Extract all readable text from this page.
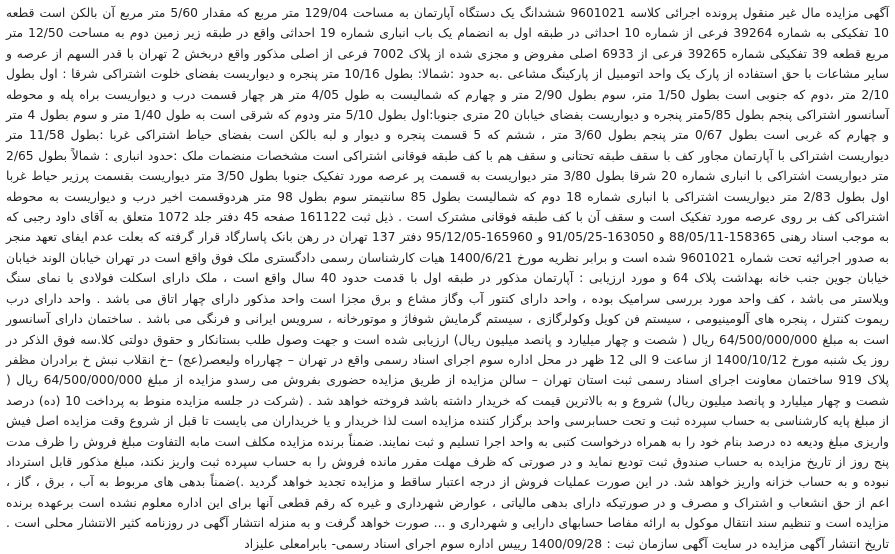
آگهی مزایده مال غیر منقول پرونده اجرائی کلاسه 9601021 ششدانگ یک دستگاه آپارتمان به مساحت 129/04 متر مربع که مقدار 5/60 متر مربع آن بالکن است قطعه 10 تفکیکی به شماره 39264 فرعی از شماره 10 احداثی در طبقه اول به انضمام یک باب انباری شماره 19 احداثی واقع در طبقه زیر زمین دوم به مساحت 12/50 متر مربع قطعه 39 تفکیکی شماره 39265 فرعی از 6933 اصلی مفروض و مجزی شده از پلاک 7002 فرعی از اصلی مذکور واقع دربخش 2 تهران با قدر السهم از عرصه و سایر مشاعات با حق استفاده از پارک یک واحد اتومبیل از پارکینگ مشاعی .به حدود :شمالا: بطول 10/16 متر پنجره و دیواریست بفضای خلوت اشتراکی شرقا : اول بطول 2/10 متر ،دوم که جنوبی است بطول 1/50 متر، سوم بطول 2/90 متر و چهارم که شمالیست به طول 4/05 متر هر چهار قسمت درب و دیواریست براه پله و محوطه آسانسور اشتراکی پنجم بطول 5/85متر پنجره و دیواریست بفضای خیابان 20 متری جنوبا:اول بطول 5/10 متر ودوم که شرقی است به طول 1/40 متر و سوم بطول 4 متر و چهارم که غربی است بطول 0/67 متر پنجم بطول 3/60 متر ، ششم که 5 قسمت پنجره و دیوار و لبه بالکن است بفضای حیاط اشتراکی غربا :بطول 11/58 متر دیواریست اشتراکی با آپارتمان مجاور کف با سقف طبقه تحتانی و سقف هم با کف طبقه فوقانی اشتراکی است مشخصات منضمات ملک :حدود انباری : شمالاً بطول 2/65 متر دیواریست اشتراکی با انباری شماره 20 شرقا بطول 3/80 متر دیواریست به قسمت پر عرصه مورد تفکیک جنوبا بطول 3/50 متر دیواریست بقسمت پرزیر حیاط غربا اول بطول 2/83 متر دیواریست اشتراکی با انباری شماره 18 دوم که شمالیست بطول 85 سانتیمتر سوم بطول 98 متر هردوقسمت اخیر درب و دیواریست به محوطه اشتراکی کف بر روی عرصه مورد تفکیک است و سقف آن با کف طبقه فوقانی مشترک است . ذیل ثبت 161122 صفحه 45 دفتر جلد 1072 متعلق به آقای داود رجبی که به موجب اسناد رهنی 158365-88/05/11 و 163050-91/05/25 و 165960-95/12/05 دفتر 137 تهران در رهن بانک پاسارگاد قرار گرفته که بعلت عدم ایفای تعهد منجر به صدور اجرائیه تحت شماره 9601021 شده است و برابر نظریه مورخ 1400/6/21 هیات کارشناسان رسمی دادگستری ملک فوق واقع است در تهران خیابان الوند خیابان خیابان جوین جنب خانه بهداشت پلاک 64 و مورد ارزیابی : آپارتمان مذکور در طبقه اول با قدمت حدود 40 سال واقع است ، ملک دارای اسکلت فولادی با نمای سنگ ویلاستر می باشد ، کف واحد مورد بررسی سرامیک بوده ، واحد دارای کنتور آب وگاز مشاع و برق مجزا است واحد مذکور دارای چهار اتاق می باشد . واحد دارای درب ریموت کنترل ، پنجره های آلومینیومی ، سیستم فن کویل وکولرگازی ، سیستم گرمایش شوفاژ و موتورخانه ، سرویس ایرانی و فرنگی می باشد . ساختمان دارای آسانسور است به مبلغ 64/500/000/000 ریال ( شصت و چهار میلیارد و پانصد میلیون ریال) ارزیابی شده است و جهت وصول طلب بستانکار و حقوق دولتی کلا.سه فوق الذکر در روز یک شنبه مورخ 1400/10/12 از ساعت 9 الی 12 ظهر در محل اداره سوم اجرای اسناد رسمی واقع در تهران – چهارراه ولیعصر(عج) –خ انقلاب نبش خ برادران مظفر پلاک 919 ساختمان معاونت اجرای اسناد رسمی ثبت استان تهران – سالن مزایده از طریق مزایده حضوری بفروش می رسدو مزایده از مبلغ 64/500/000/000 ریال ( شصت و چهار میلیارد و پانصد میلیون ریال) شروع و به بالاترین قیمت که خریدار داشته باشد فروخته خواهد شد . (شرکت در جلسه مزایده منوط به پرداخت 10 (ده) درصد از مبلغ پایه کارشناسی به حساب سپرده ثبت و تحت حسابرسی واحد برگزار کننده مزایده است لذا خریدار و یا خریداران می بایست تا قبل از شروع وقت مزایده اصل فیش واریزی مبلغ ودیعه ده درصد بنام خود را به همراه درخواست کتبی به واحد اجرا تسلیم و ثبت نمایند. ضمناً برنده مزایده مکلف است مابه التفاوت مبلغ فروش را ظرف مدت پنج روز از تاریخ مزایده به حساب صندوق ثبت تودیع نماید و در صورتی که ظرف مهلت مقرر مانده فروش را به حساب سپرده ثبت واریز نکند، مبلغ مذکور قابل استرداد نبوده و به حساب خزانه واریز خواهد شد. در این صورت عملیات فروش از درجه اعتبار ساقط و مزایده تجدید خواهد گردید .)ضمناً بدهی های مربوط به آب ، برق ، گاز ، اعم از حق انشعاب و اشتراک و مصرف و در صورتیکه دارای بدهی مالیاتی ، عوارض شهرداری و غیره که رقم قطعی آنها برای این اداره معلوم نشده است برعهده برنده مزایده است و تنظیم سند انتقال موکول به ارائه مفاصا حسابهای دارایی و شهرداری و ... صورت خواهد گرفت و به منزله انتشار آگهی در روزنامه کثیر الانتشار محلی است . تاریخ انتشار آگهی مزایده در سایت آگهی سازمان ثبت : 1400/09/28 رییس اداره سوم اجرای اسناد رسمی- بابرامعلی علیزاد
